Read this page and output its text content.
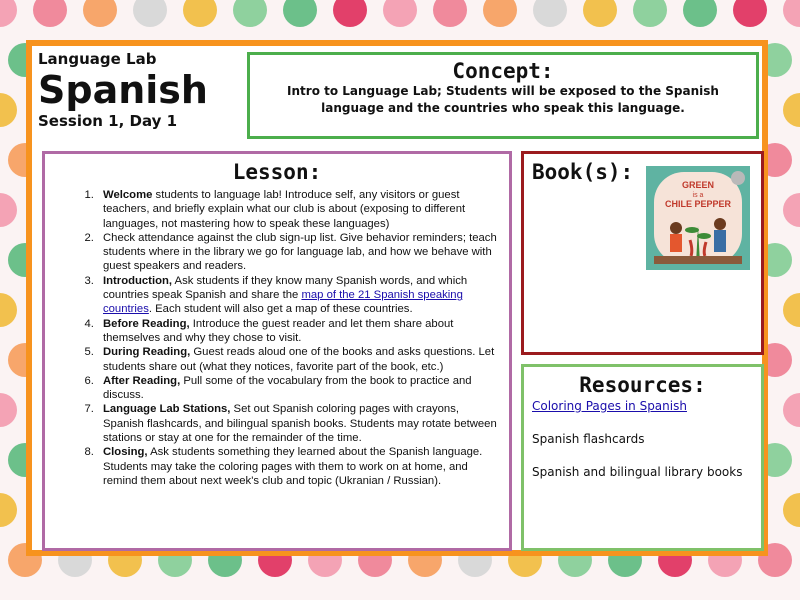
Language Lab

Spanish

Session 1, Day 1

Concept:

Intro to Language Lab; Students will be exposed to the Spanish language and the countries who speak this language.

Lesson:
1. Welcome students to language lab! Introduce self, any visitors or guest teachers, and briefly explain what our club is about (exposing to different languages, not mastering how to speak these languages)
2. Check attendance against the club sign-up list. Give behavior reminders; teach students where in the library we go for language lab, and how we behave with guest speakers and readers.
3. Introduction, Ask students if they know many Spanish words, and which countries speak Spanish and share the map of the 21 Spanish speaking countries. Each student will also get a map of these countries.
4. Before Reading, Introduce the guest reader and let them share about themselves and why they chose to visit.
5. During Reading, Guest reads aloud one of the books and asks questions. Let students share out (what they notices, favorite part of the book, etc.)
6. After Reading, Pull some of the vocabulary from the book to practice and discuss.
7. Language Lab Stations, Set out Spanish coloring pages with crayons, Spanish flashcards, and bilingual spanish books. Students may rotate between stations or stay at one for the remainder of the time.
8. Closing, Ask students something they learned about the Spanish language. Students may take the coloring pages with them to work on at home, and remind them about next week's club and topic (Ukranian / Russian).
Book(s):
GREEN
is a
CHILE PEPPER
Resources:

Coloring Pages in Spanish

Spanish flashcards

Spanish and bilingual library books
